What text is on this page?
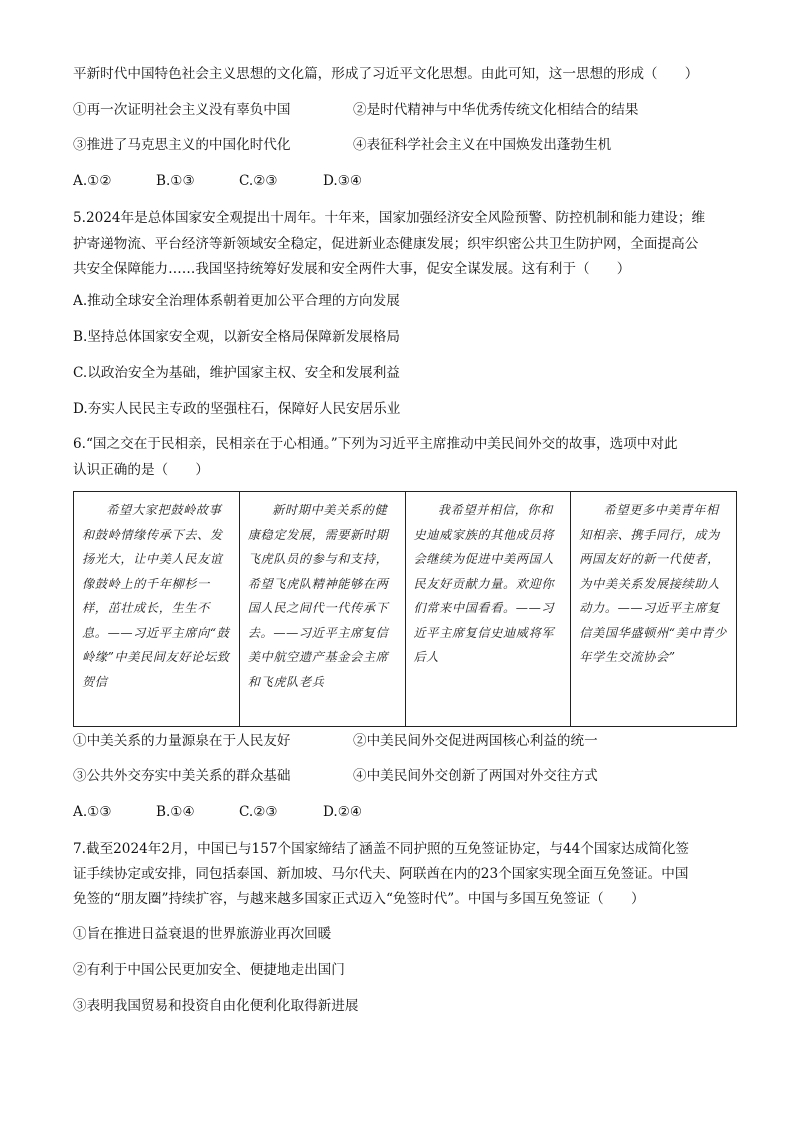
平新时代中国特色社会主义思想的文化篇，形成了习近平文化思想。由此可知，这一思想的形成（　　）
①再一次证明社会主义没有辜负中国	②是时代精神与中华优秀传统文化相结合的结果
③推进了马克思主义的中国化时代化	④表征科学社会主义在中国焕发出蓬勃生机
A.①②	B.①③	C.②③	D.③④
5.2024年是总体国家安全观提出十周年。十年来，国家加强经济安全风险预警、防控机制和能力建设；维
护寄递物流、平台经济等新领域安全稳定，促进新业态健康发展；织牢织密公共卫生防护网，全面提高公
共安全保障能力……我国坚持统筹好发展和安全两件大事，促安全谋发展。这有利于（　　）
A.推动全球安全治理体系朝着更加公平合理的方向发展
B.坚持总体国家安全观，以新安全格局保障新发展格局
C.以政治安全为基础，维护国家主权、安全和发展利益
D.夯实人民民主专政的坚强柱石，保障好人民安居乐业
6.“国之交在于民相亲，民相亲在于心相通。”下列为习近平主席推动中美民间外交的故事，选项中对此
认识正确的是（　　）
希望大家把鼓岭故事和鼓岭情缘传承下去、发扬光大，让中美人民友谊像鼓岭上的千年柳杉一样，茁壮成长，生生不息。——习近平主席向“鼓岭缘”中美民间友好论坛致贺信
新时期中美关系的健康稳定发展，需要新时期飞虎队员的参与和支持，希望飞虎队精神能够在两国人民之间代一代传承下去。——习近平主席复信美中航空遗产基金会主席和飞虎队老兵
我希望并相信，你和史迪威家族的其他成员将会继续为促进中美两国人民友好贡献力量。欢迎你们常来中国看看。——习近平主席复信史迪威将军后人
希望更多中美青年相知相亲、携手同行，成为两国友好的新一代使者，为中美关系发展接续助人动力。——习近平主席复信美国华盛顿州“美中青少年学生交流协会”
①中美关系的力量源泉在于人民友好	②中美民间外交促进两国核心利益的统一
③公共外交夯实中美关系的群众基础	④中美民间外交创新了两国对外交往方式
A.①③	B.①④	C.②③	D.②④
7.截至2024年2月，中国已与157个国家缔结了涵盖不同护照的互免签证协定，与44个国家达成简化签
证手续协定或安排，同包括泰国、新加坡、马尔代夫、阿联酋在内的23个国家实现全面互免签证。中国
免签的“朋友圈”持续扩容，与越来越多国家正式迈入“免签时代”。中国与多国互免签证（　　）
①旨在推进日益衰退的世界旅游业再次回暖
②有利于中国公民更加安全、便捷地走出国门
③表明我国贸易和投资自由化便利化取得新进展
